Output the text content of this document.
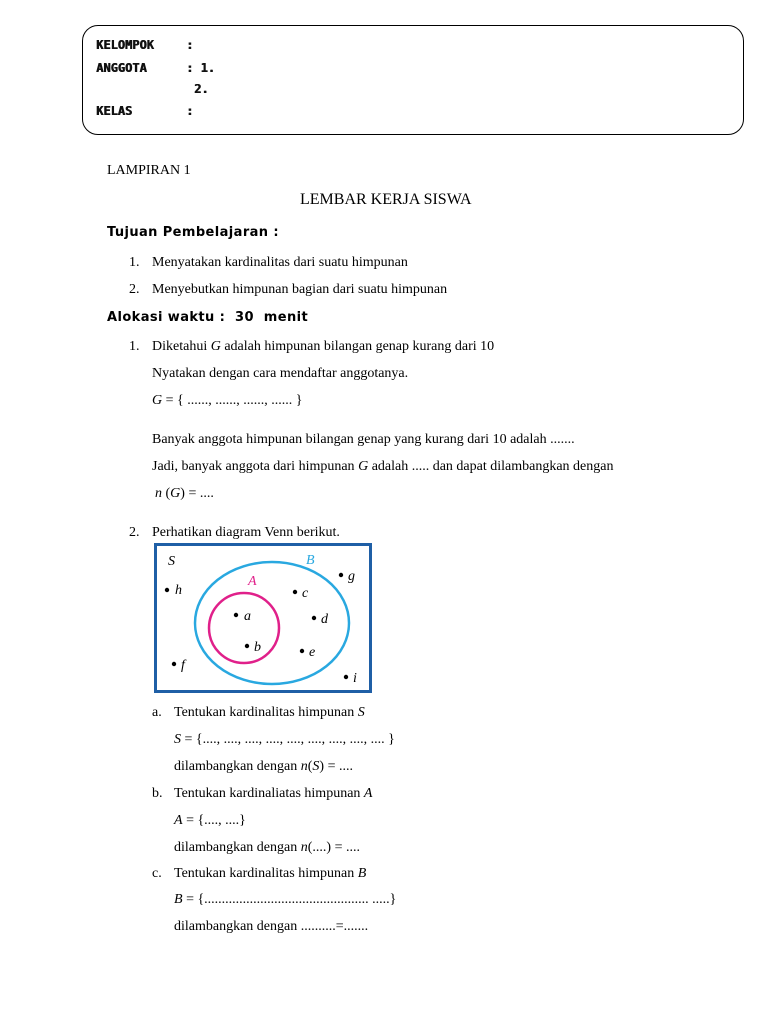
KELOMPOK	:
ANGGOTA	: 1.
2.
KELAS	:
LAMPIRAN 1
LEMBAR KERJA SISWA
Tujuan Pembelajaran :
1. Menyatakan kardinalitas dari suatu himpunan
2. Menyebutkan himpunan bagian dari suatu himpunan
Alokasi waktu :  30  menit
1. Diketahui G adalah himpunan bilangan genap kurang dari 10
Nyatakan dengan cara mendaftar anggotanya.
G = { ......, ......, ......, ...... }
Banyak anggota himpunan bilangan genap yang kurang dari 10 adalah .......
Jadi, banyak anggota dari himpunan G adalah ..... dan dapat dilambangkan dengan
n (G) = ....
2. Perhatikan diagram Venn berikut.
S	B
A
h
f
a
b
c
d
e
g
i
a. Tentukan kardinalitas himpunan S
S = {...., ...., ...., ...., ...., ...., ...., ...., .... }
dilambangkan dengan n(S) = ....
b. Tentukan kardinaliatas himpunan A
A = {...., ....}
dilambangkan dengan n(....) = ....
c. Tentukan kardinalitas himpunan B
B = {............................................... .....}
dilambangkan dengan ..........=.......
